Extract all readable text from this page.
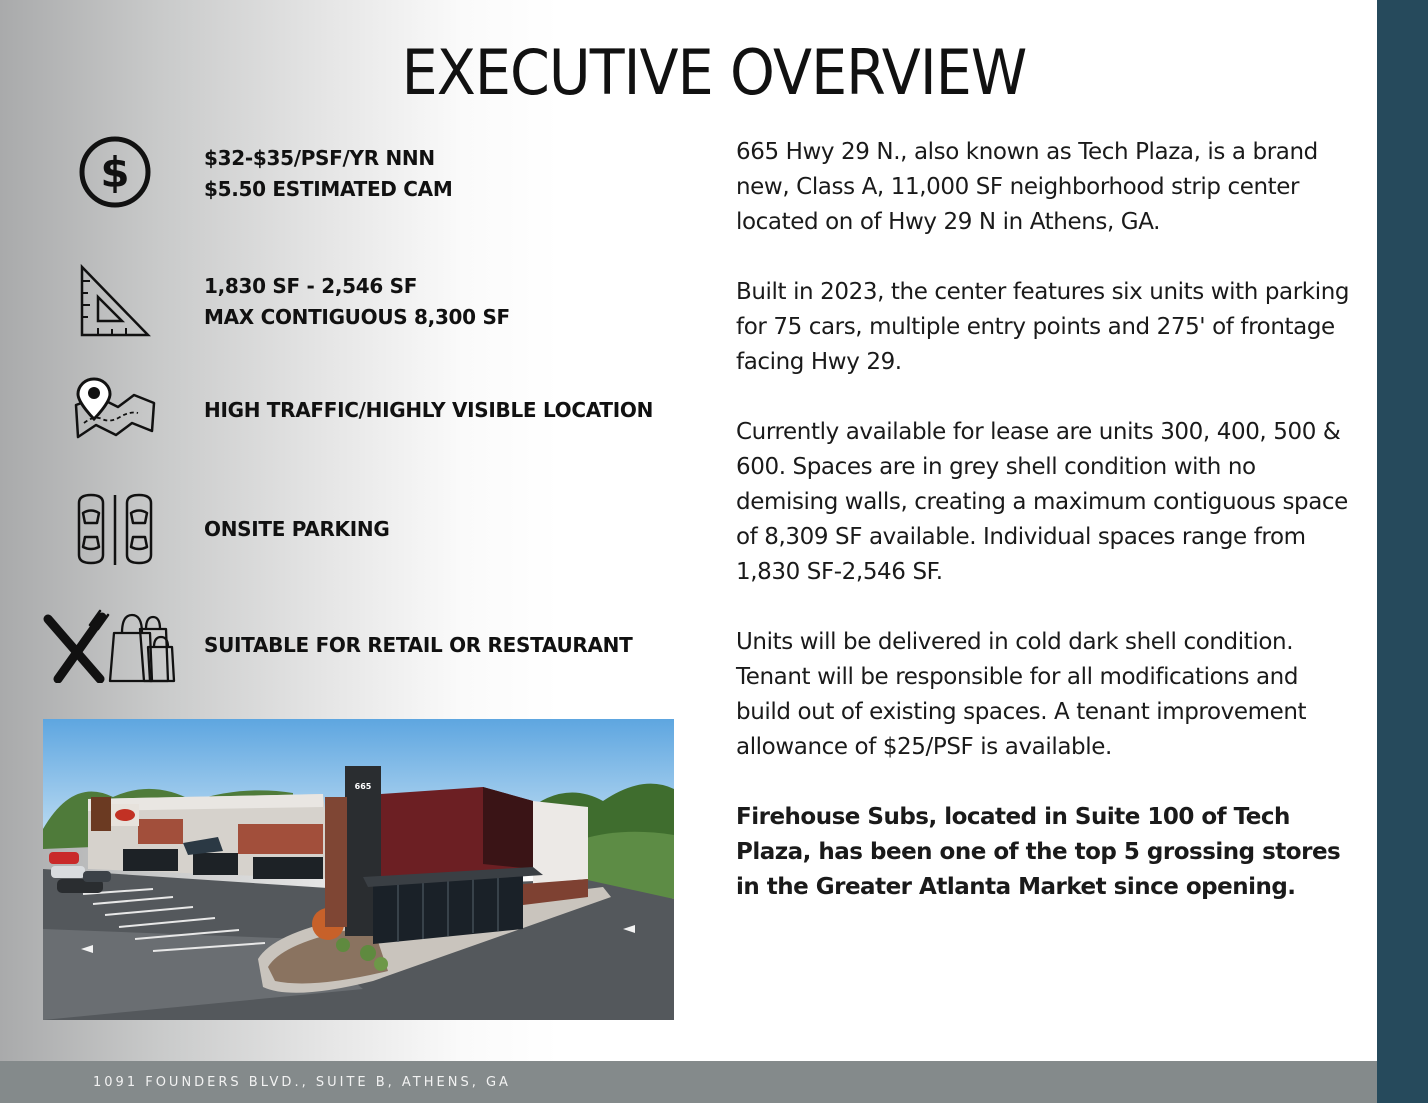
EXECUTIVE OVERVIEW
$	$32-$35/PSF/YR NNN
$5.50 ESTIMATED CAM
1,830 SF - 2,546 SF
MAX CONTIGUOUS 8,300 SF
HIGH TRAFFIC/HIGHLY VISIBLE LOCATION
ONSITE PARKING
SUITABLE FOR RETAIL OR RESTAURANT
665

665 Hwy 29 N., also known as Tech Plaza, is a brand new, Class A, 11,000 SF neighborhood strip center located on of Hwy 29 N in Athens, GA.

Built in 2023, the center features six units with parking for 75 cars, multiple entry points and 275' of frontage facing Hwy 29.

Currently available for lease are units 300, 400, 500 & 600. Spaces are in grey shell condition with no demising walls, creating a maximum contiguous space of 8,309 SF available. Individual spaces range from 1,830 SF-2,546 SF.

Units will be delivered in cold dark shell condition. Tenant will be responsible for all modifications and build out of existing spaces. A tenant improvement allowance of $25/PSF is available.

Firehouse Subs, located in Suite 100 of Tech Plaza, has been one of the top 5 grossing stores in the Greater Atlanta Market since opening.

1091 FOUNDERS BLVD., SUITE B, ATHENS, GA
